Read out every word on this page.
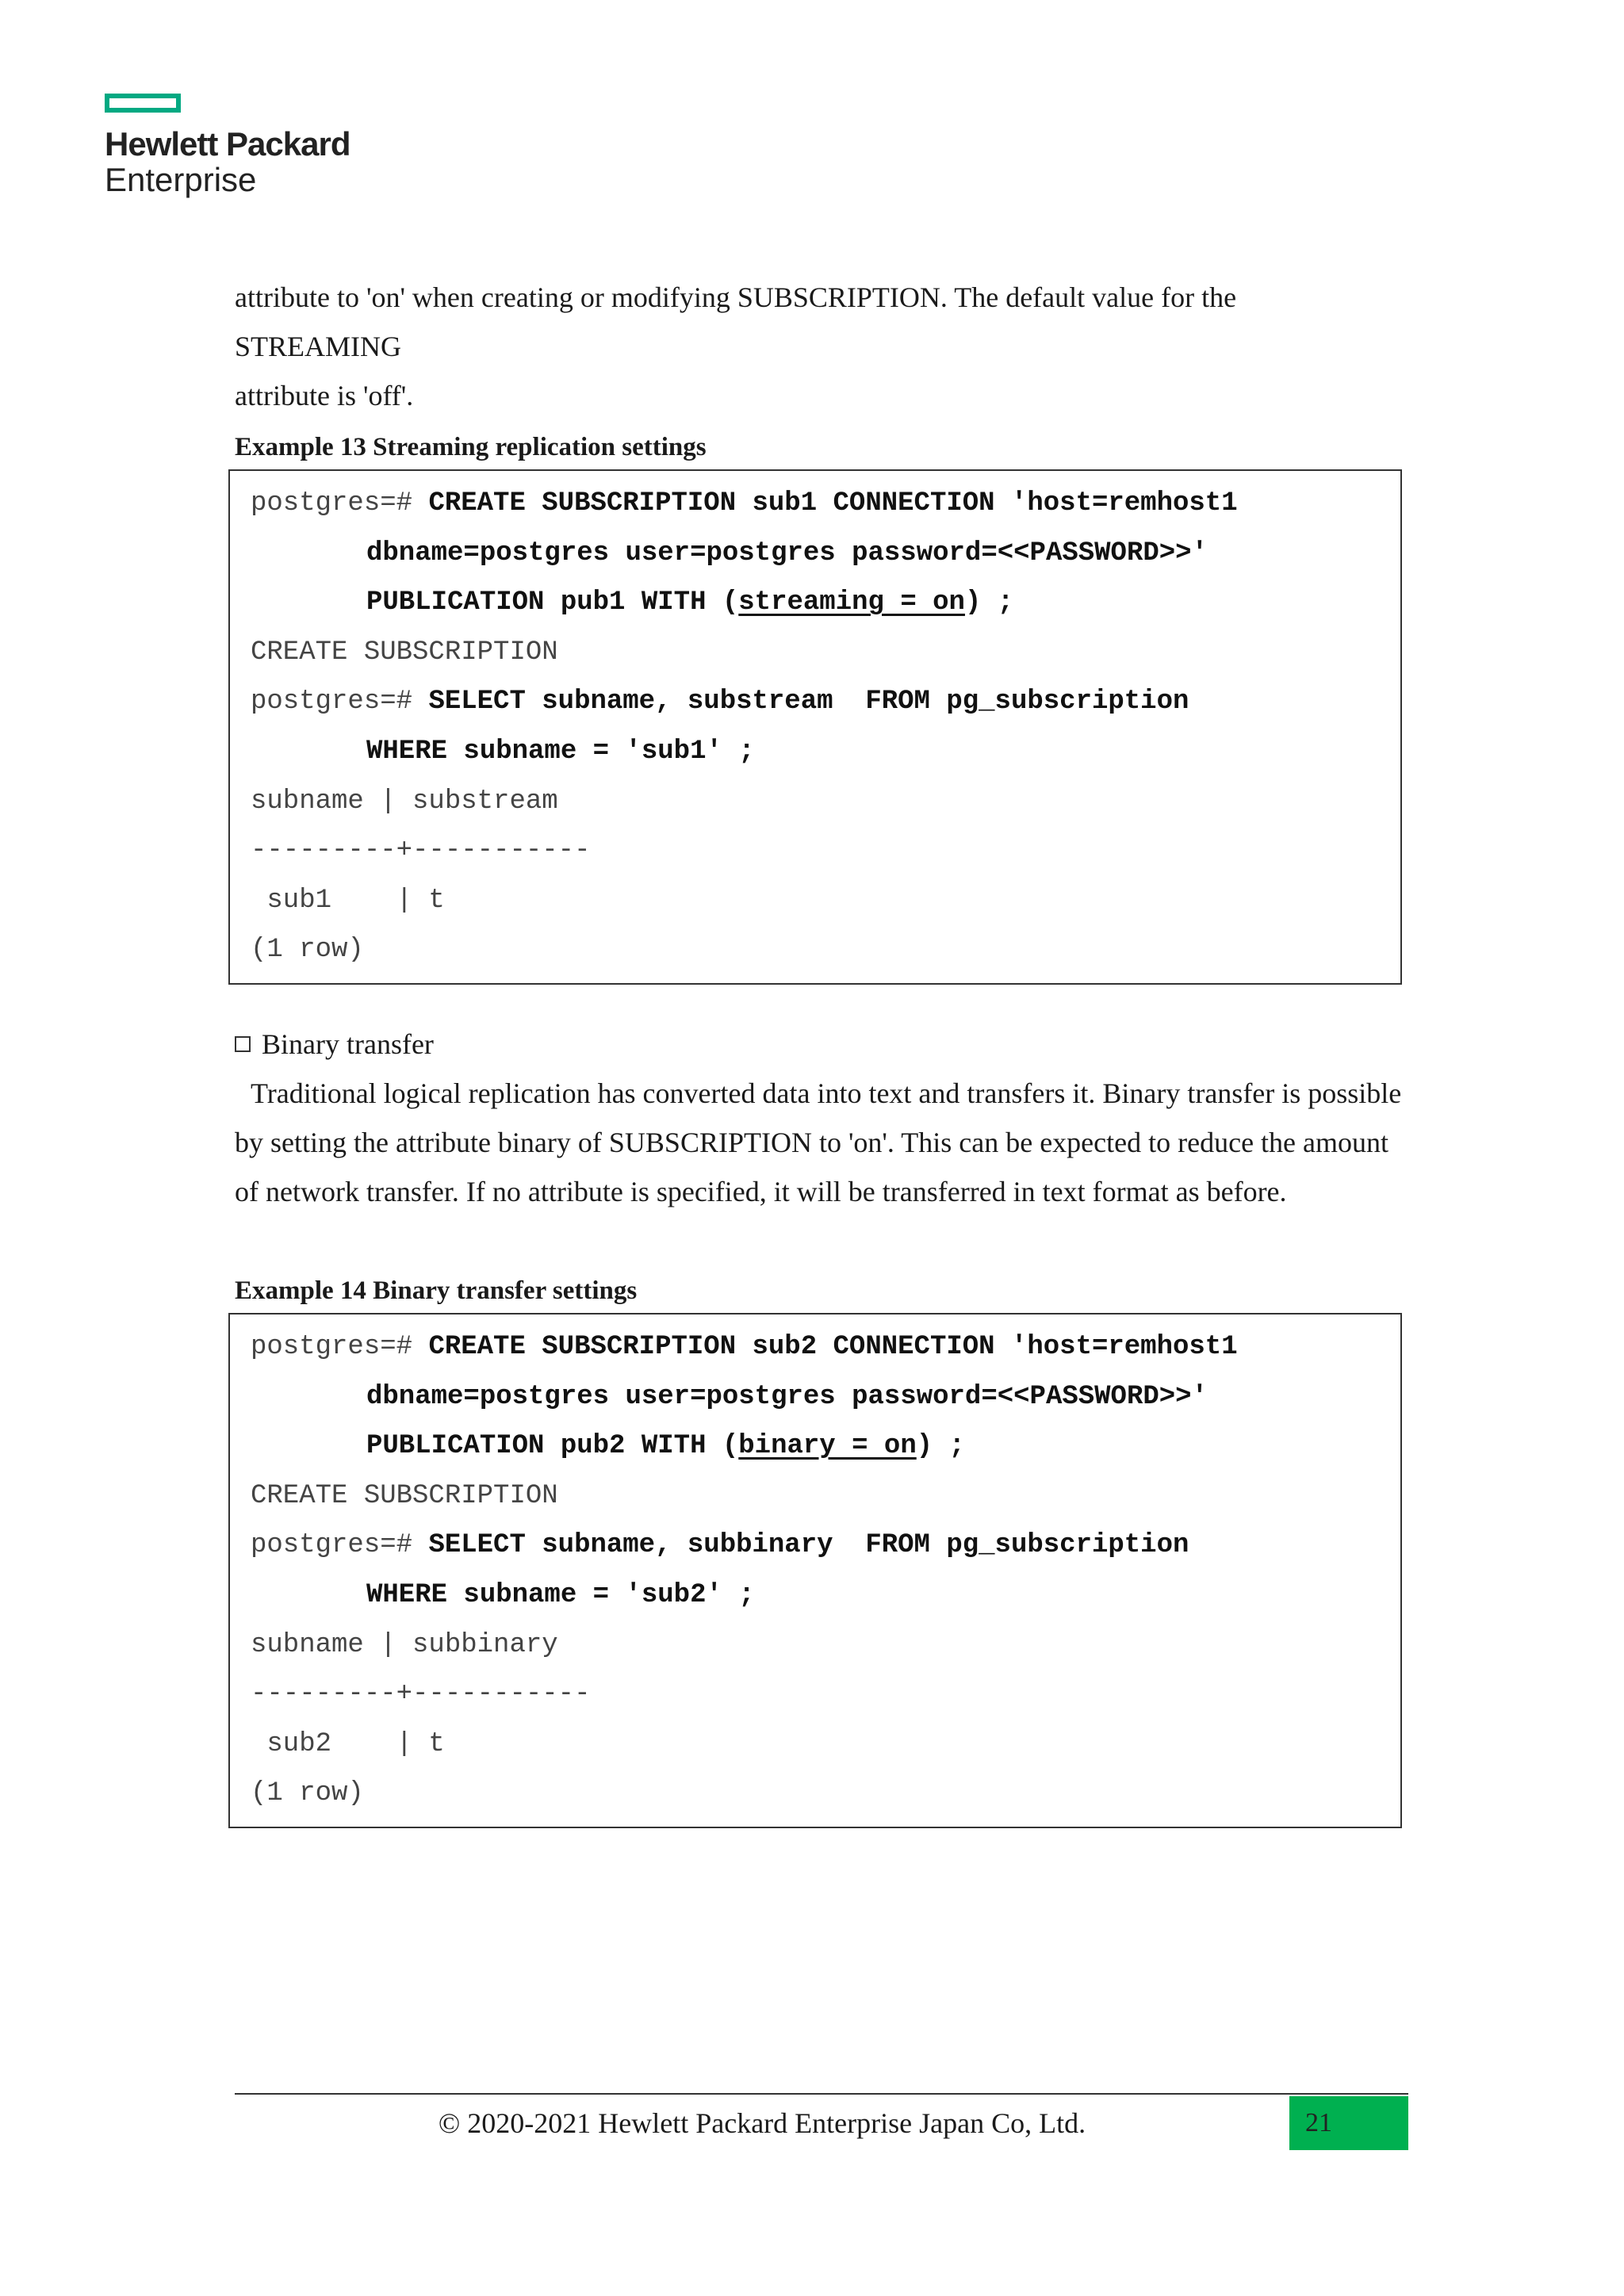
Hewlett Packard
Enterprise

attribute to 'on' when creating or modifying SUBSCRIPTION. The default value for the STREAMING

attribute is 'off'.

Example 13 Streaming replication settings

postgres=# CREATE SUBSCRIPTION sub1 CONNECTION 'host=remhost1
dbname=postgres user=postgres password=<<PASSWORD>>'
PUBLICATION pub1 WITH (streaming = on) ;
CREATE SUBSCRIPTION
postgres=# SELECT subname, substream  FROM pg_subscription
WHERE subname = 'sub1' ;
subname | substream
---------+-----------
sub1    | t
(1 row)

Binary transfer

Traditional logical replication has converted data into text and transfers it. Binary transfer is possible

by setting the attribute binary of SUBSCRIPTION to 'on'. This can be expected to reduce the amount

of network transfer. If no attribute is specified, it will be transferred in text format as before.

Example 14 Binary transfer settings

postgres=# CREATE SUBSCRIPTION sub2 CONNECTION 'host=remhost1
dbname=postgres user=postgres password=<<PASSWORD>>'
PUBLICATION pub2 WITH (binary = on) ;
CREATE SUBSCRIPTION
postgres=# SELECT subname, subbinary  FROM pg_subscription
WHERE subname = 'sub2' ;
subname | subbinary
---------+-----------
sub2    | t
(1 row)
© 2020-2021 Hewlett Packard Enterprise Japan Co, Ltd.	21
